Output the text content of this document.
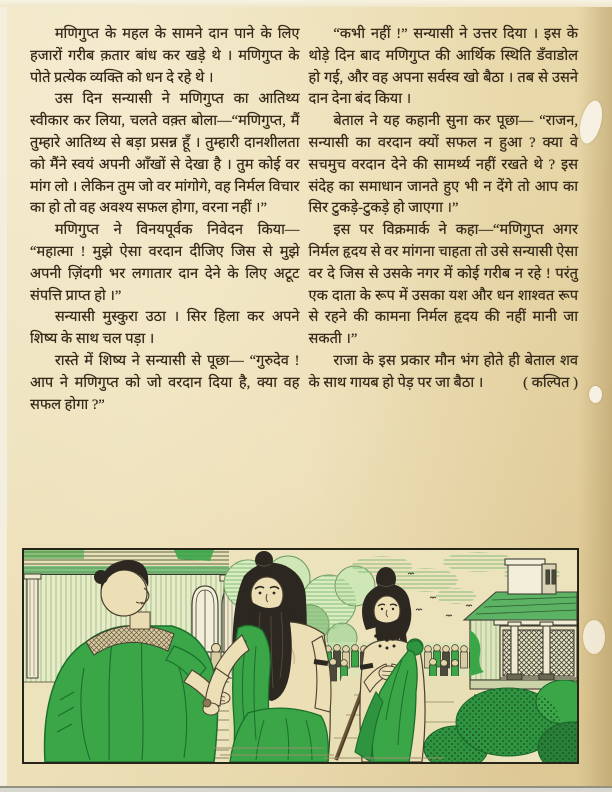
मणिगुप्त के महल के सामने दान पाने के लिए हजारों गरीब क़तार बांध कर खड़े थे । मणिगुप्त के पोते प्रत्येक व्यक्ति को धन दे रहे थे ।

उस दिन सन्यासी ने मणिगुप्त का आतिथ्य स्वीकार कर लिया, चलते वक़्त बोला—“मणिगुप्त, मैं तुम्हारे आतिथ्य से बड़ा प्रसन्न हूँ । तुम्हारी दानशीलता को मैंने स्वयं अपनी आँखों से देखा है । तुम कोई वर मांग लो । लेकिन तुम जो वर मांगोगे, वह निर्मल विचार का हो तो वह अवश्य सफल होगा, वरना नहीं ।”

मणिगुप्त ने विनयपूर्वक निवेदन किया— “महात्मा ! मुझे ऐसा वरदान दीजिए जिस से मुझे अपनी ज़िंदगी भर लगातार दान देने के लिए अटूट संपत्ति प्राप्त हो ।”

सन्यासी मुस्कुरा उठा । सिर हिला कर अपने शिष्य के साथ चल पड़ा ।

रास्ते में शिष्य ने सन्यासी से पूछा— “गुरुदेव ! आप ने मणिगुप्त को जो वरदान दिया है, क्या वह सफल होगा ?”

“कभी नहीं !” सन्यासी ने उत्तर दिया । इस के थोड़े दिन बाद मणिगुप्त की आर्थिक स्थिति डँवाडोल हो गई, और वह अपना सर्वस्व खो बैठा । तब से उसने दान देना बंद किया ।

बेताल ने यह कहानी सुना कर पूछा— “राजन, सन्यासी का वरदान क्यों सफल न हुआ ? क्या वे सचमुच वरदान देने की सामर्थ्य नहीं रखते थे ? इस संदेह का समाधान जानते हुए भी न देंगे तो आप का सिर टुकड़े-टुकड़े हो जाएगा ।”

इस पर विक्रमार्क ने कहा—“मणिगुप्त अगर निर्मल हृदय से वर मांगना चाहता तो उसे सन्यासी ऐसा वर दे जिस से उसके नगर में कोई गरीब न रहे ! परंतु एक दाता के रूप में उसका यश और धन शाश्वत रूप से रहने की कामना निर्मल हृदय की नहीं मानी जा सकती ।”

राजा के इस प्रकार मौन भंग होते ही बेताल शव के साथ गायब हो पेड़ पर जा बैठा ।	( कल्पित )
